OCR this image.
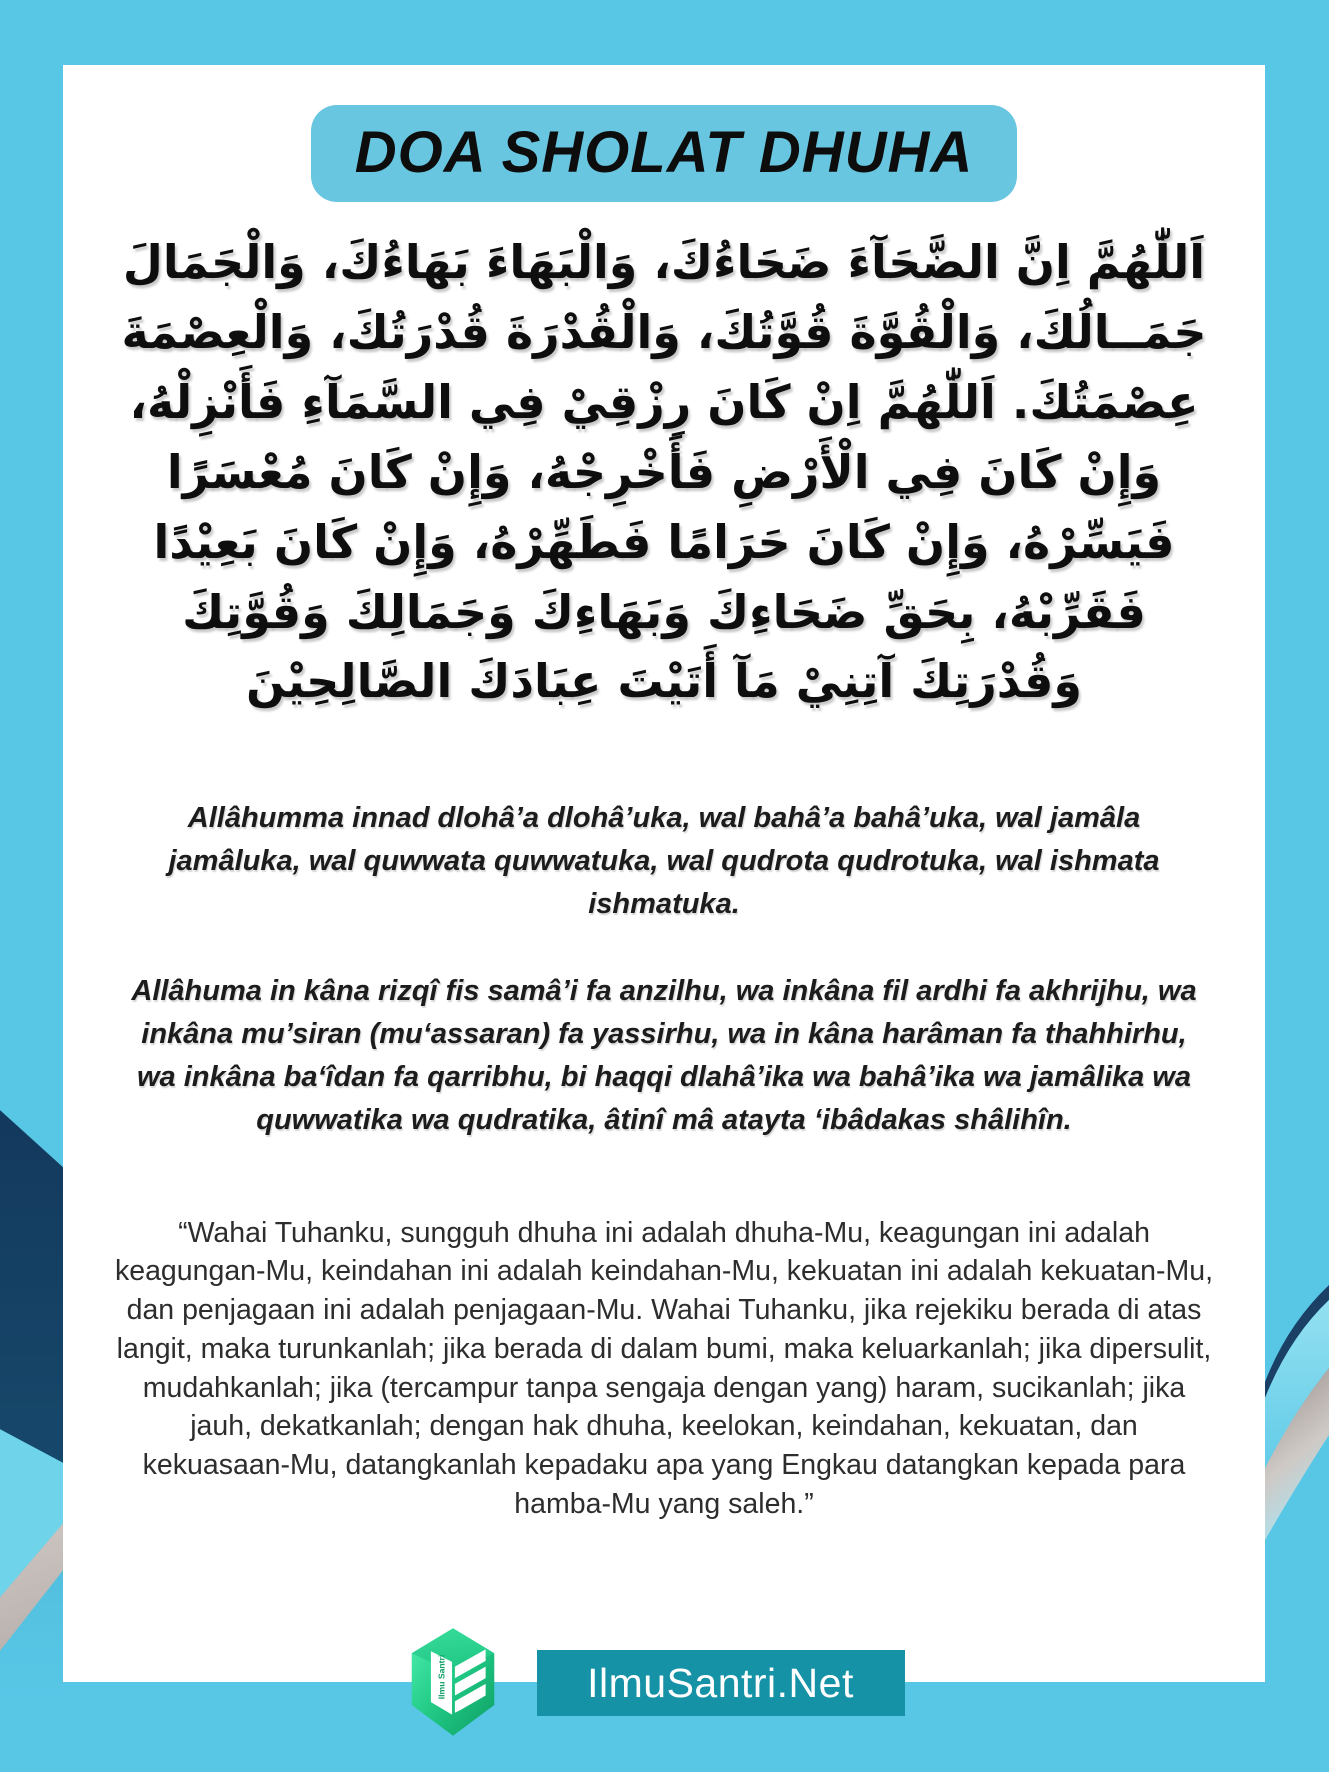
DOA SHOLAT DHUHA

اَللّٰهُمَّ اِنَّ الضَّحَآءَ ضَحَاءُكَ، وَالْبَهَاءَ بَهَاءُكَ، وَالْجَمَالَ جَمَــالُكَ، وَالْقُوَّةَ قُوَّتُكَ، وَالْقُدْرَةَ قُدْرَتُكَ، وَالْعِصْمَةَ عِصْمَتُكَ. اَللّٰهُمَّ اِنْ كَانَ رِزْقِيْ فِي السَّمَآءِ فَأَنْزِلْهُ، وَإِنْ كَانَ فِي الْأَرْضِ فَأَخْرِجْهُ، وَإِنْ كَانَ مُعْسَرًا فَيَسِّرْهُ، وَإِنْ كَانَ حَرَامًا فَطَهِّرْهُ، وَإِنْ كَانَ بَعِيْدًا فَقَرِّبْهُ، بِحَقِّ ضَحَاءِكَ وَبَهَاءِكَ وَجَمَالِكَ وَقُوَّتِكَ وَقُدْرَتِكَ آتِنِيْ مَآ أَتَيْتَ عِبَادَكَ الصَّالِحِيْنَ

Allâhumma innad dlohâ’a dlohâ’uka, wal bahâ’a bahâ’uka, wal jamâla jamâluka, wal quwwata quwwatuka, wal qudrota qudrotuka, wal ishmata ishmatuka.

Allâhuma in kâna rizqî fis samâ’i fa anzilhu, wa inkâna fil ardhi fa akhrijhu, wa inkâna mu’siran (mu‘assaran) fa yassirhu, wa in kâna harâman fa thahhirhu, wa inkâna ba‘îdan fa qarribhu, bi haqqi dlahâ’ika wa bahâ’ika wa jamâlika wa quwwatika wa qudratika, âtinî mâ atayta ‘ibâdakas shâlihîn.

“Wahai Tuhanku, sungguh dhuha ini adalah dhuha-Mu, keagungan ini adalah keagungan-Mu, keindahan ini adalah keindahan-Mu, kekuatan ini adalah kekuatan-Mu, dan penjagaan ini adalah penjagaan-Mu. Wahai Tuhanku, jika rejekiku berada di atas langit, maka turunkanlah; jika berada di dalam bumi, maka keluarkanlah; jika dipersulit, mudahkanlah; jika (tercampur tanpa sengaja dengan yang) haram, sucikanlah; jika jauh, dekatkanlah; dengan hak dhuha, keelokan, keindahan, kekuatan, dan kekuasaan-Mu, datangkanlah kepadaku apa yang Engkau datangkan kepada para hamba-Mu yang saleh.”

Ilmu Santri	IlmuSantri.Net
